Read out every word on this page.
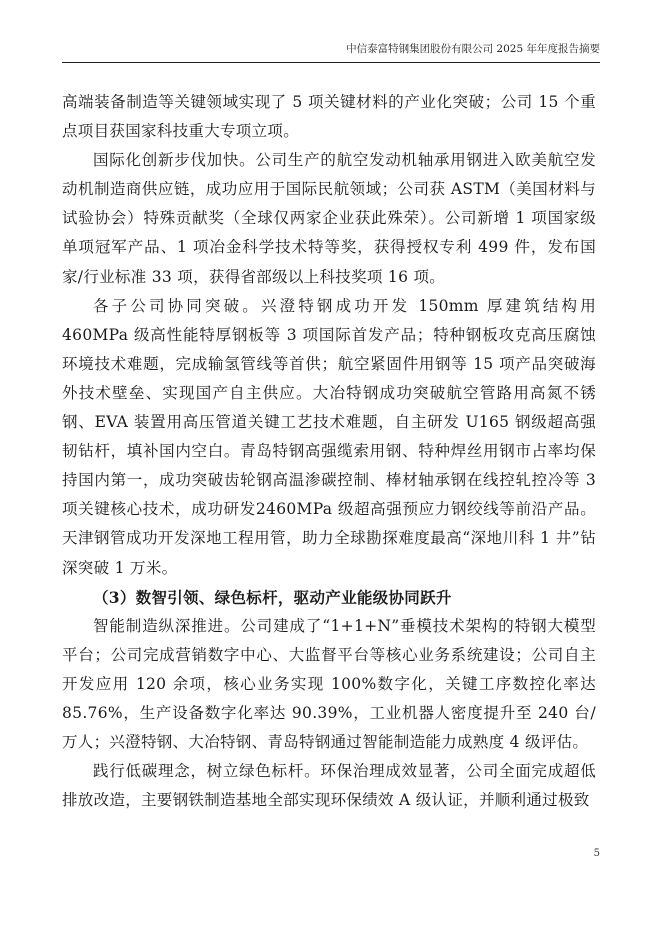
中信泰富特钢集团股份有限公司 2025 年年度报告摘要

高端装备制造等关键领域实现了 5 项关键材料的产业化突破；公司 15 个重点项目获国家科技重大专项立项。

国际化创新步伐加快。公司生产的航空发动机轴承用钢进入欧美航空发动机制造商供应链，成功应用于国际民航领域；公司获 ASTM（美国材料与试验协会）特殊贡献奖（全球仅两家企业获此殊荣）。公司新增 1 项国家级单项冠军产品、1 项冶金科学技术特等奖，获得授权专利 499 件，发布国家/行业标准 33 项，获得省部级以上科技奖项 16 项。

各子公司协同突破。兴澄特钢成功开发 150mm 厚建筑结构用 460MPa 级高性能特厚钢板等 3 项国际首发产品；特种钢板攻克高压腐蚀环境技术难题，完成输氢管线等首供；航空紧固件用钢等 15 项产品突破海外技术壁垒、实现国产自主供应。大冶特钢成功突破航空管路用高氮不锈钢、EVA 装置用高压管道关键工艺技术难题，自主研发 U165 钢级超高强韧钻杆，填补国内空白。青岛特钢高强缆索用钢、特种焊丝用钢市占率均保持国内第一，成功突破齿轮钢高温渗碳控制、棒材轴承钢在线控轧控冷等 3 项关键核心技术，成功研发2460MPa 级超高强预应力钢绞线等前沿产品。天津钢管成功开发深地工程用管，助力全球勘探难度最高“深地川科 1 井”钻深突破 1 万米。

（3）数智引领、绿色标杆，驱动产业能级协同跃升

智能制造纵深推进。公司建成了“1+1+N”垂模技术架构的特钢大模型平台；公司完成营销数字中心、大监督平台等核心业务系统建设；公司自主开发应用 120 余项，核心业务实现 100%数字化，关键工序数控化率达 85.76%，生产设备数字化率达 90.39%，工业机器人密度提升至 240 台/万人；兴澄特钢、大冶特钢、青岛特钢通过智能制造能力成熟度 4 级评估。

践行低碳理念，树立绿色标杆。环保治理成效显著，公司全面完成超低排放改造，主要钢铁制造基地全部实现环保绩效 A 级认证，并顺利通过极致

5
